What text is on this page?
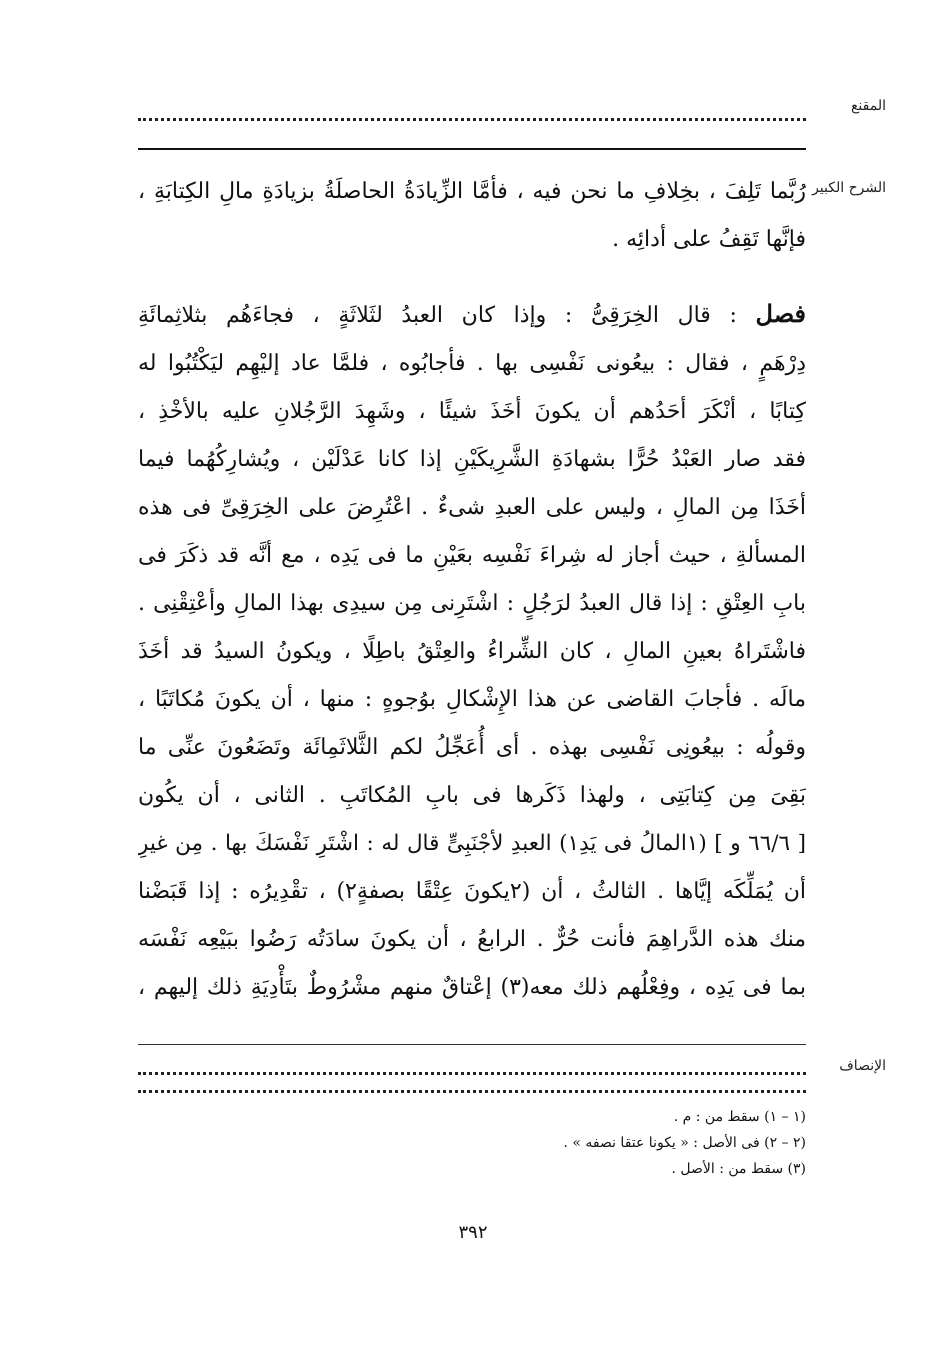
المقنع
الشرح الكبير
رُبَّما تَلِفَ ، بخِلافِ ما نحن فيه ، فأمَّا الزِّيادَةُ الحاصلَةُ بزيادَةِ مالِ الكِتابَةِ ،
فإنَّها تَقِفُ على أدائِه .
فصل : قال الخِرَقِىُّ : وإذا كان العبدُ لثَلاثَةٍ ، فجاءَهُم بثلاثِمائَةِ
دِرْهَمٍ ، فقال : بيعُونى نَفْسِى بها . فأجابُوه ، فلمَّا عاد إليْهِم ليَكْتُبُوا له
كِتابًا ، أنْكَرَ أحَدُهم أن يكونَ أخَذَ شيئًا ، وشَهِدَ الرَّجُلانِ عليه بالأخْذِ ،
فقد صار العَبْدُ حُرًّا بشهادَةِ الشَّرِيكَيْنِ إذا كانا عَدْلَيْن ، ويُشارِكُهُما فيما
أخَذَا مِن المالِ ، وليس على العبدِ شىءٌ . اعْتُرِضَ على الخِرَقِىِّ فى هذه
المسألةِ ، حيث أجاز له شِراءَ نَفْسِه بعَيْنِ ما فى يَدِه ، مع أنَّه قد ذكَرَ فى
بابِ العِتْقِ : إذا قال العبدُ لرَجُلٍ : اشْتَرِنى مِن سيدِى بهذا المالِ وأعْتِقْنِى .
فاشْتَراهُ بعينِ المالِ ، كان الشِّراءُ والعِتْقُ باطِلًا ، ويكونُ السيدُ قد أخَذَ
مالَه . فأجابَ القاضى عن هذا الإِشْكالِ بوُجوهٍ : منها ، أن يكونَ مُكاتَبًا ،
وقولُه : بيعُونِى نَفْسِى بهذه . أى أُعَجِّلُ لكم الثَّلاثَمِائَة وتَضَعُونَ عنِّى ما
بَقِىَ مِن كِتابَتِى ، ولهذا ذَكَرها فى بابِ المُكاتَبِ . الثانى ، أن يكُون
[ ٦٦/٦ و ] (١المالُ فى يَدِ١) العبدِ لأجْنَبِىٍّ قال له : اشْتَرِ نَفْسَكَ بها . مِن غيرِ
أن يُمَلِّكَه إيَّاها . الثالثُ ، أن (٢يكونَ عِتْقًا بصفةٍ٢) ، تقْدِيرُه : إذا قَبَضْنا
منك هذه الدَّراهِمَ فأنت حُرٌّ . الرابعُ ، أن يكونَ سادَتُه رَضُوا ببَيْعِه نَفْسَه
بما فى يَدِه ، وفِعْلُهم ذلك معه(٣) إعْتاقٌ منهم مشْرُوطٌ بتَأْدِيَةِ ذلك إليهم ،
الإنصاف
(١ – ١) سقط من : م .
(٢ – ٢) فى الأصل : « يكونا عتقا نصفه » .
(٣) سقط من : الأصل .
٣٩٢
